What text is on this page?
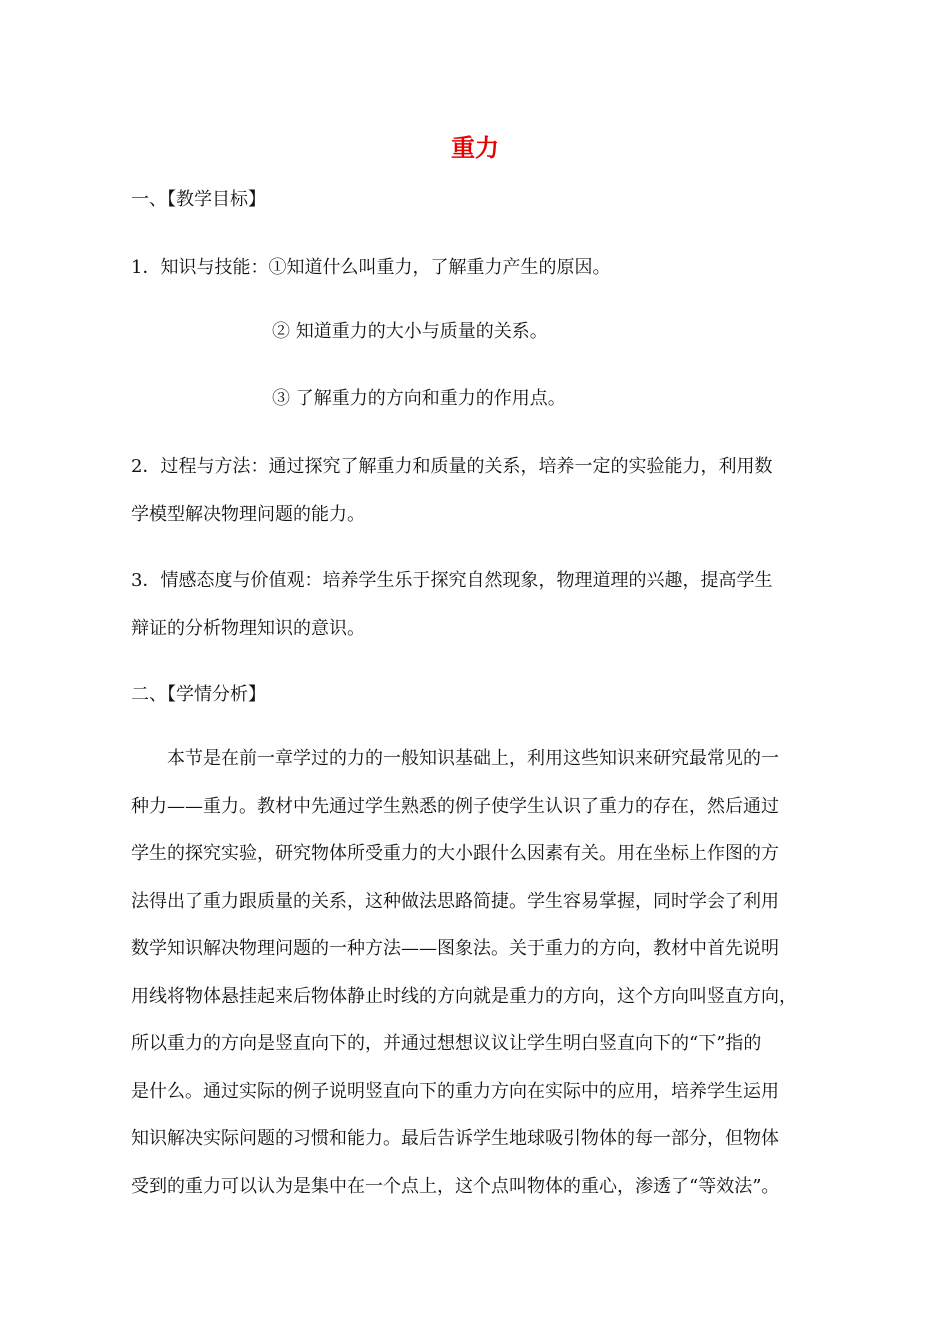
重力
一、【教学目标】
1．知识与技能：①知道什么叫重力，了解重力产生的原因。
② 知道重力的大小与质量的关系。
③ 了解重力的方向和重力的作用点。
2．过程与方法：通过探究了解重力和质量的关系，培养一定的实验能力，利用数
学模型解决物理问题的能力。
3．情感态度与价值观：培养学生乐于探究自然现象，物理道理的兴趣，提高学生
辩证的分析物理知识的意识。
二、【学情分析】
本节是在前一章学过的力的一般知识基础上，利用这些知识来研究最常见的一
种力——重力。教材中先通过学生熟悉的例子使学生认识了重力的存在，然后通过
学生的探究实验，研究物体所受重力的大小跟什么因素有关。用在坐标上作图的方
法得出了重力跟质量的关系，这种做法思路简捷。学生容易掌握，同时学会了利用
数学知识解决物理问题的一种方法——图象法。关于重力的方向，教材中首先说明
用线将物体悬挂起来后物体静止时线的方向就是重力的方向，这个方向叫竖直方向，
所以重力的方向是竖直向下的，并通过想想议议让学生明白竖直向下的“下”指的
是什么。通过实际的例子说明竖直向下的重力方向在实际中的应用，培养学生运用
知识解决实际问题的习惯和能力。最后告诉学生地球吸引物体的每一部分，但物体
受到的重力可以认为是集中在一个点上，这个点叫物体的重心，渗透了“等效法”。
